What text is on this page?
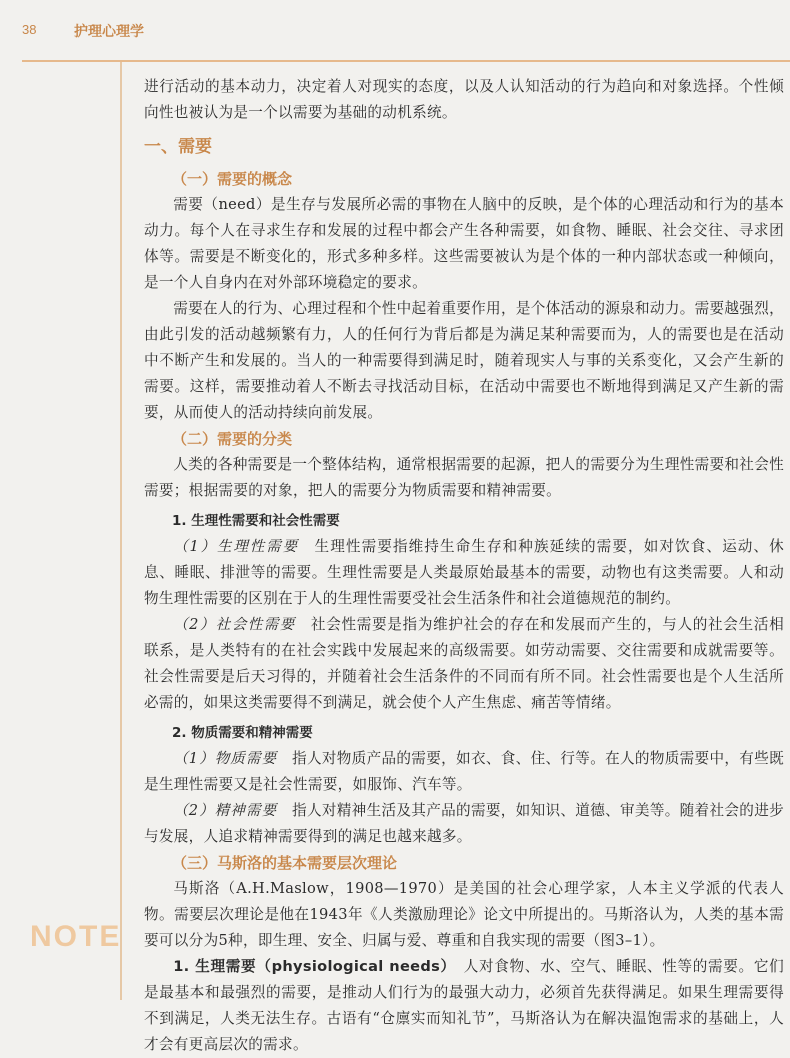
38	护理心理学

进行活动的基本动力，决定着人对现实的态度，以及人认知活动的行为趋向和对象选择。个性倾向性也被认为是一个以需要为基础的动机系统。

一、需要
（一）需要的概念

需要（need）是生存与发展所必需的事物在人脑中的反映，是个体的心理活动和行为的基本动力。每个人在寻求生存和发展的过程中都会产生各种需要，如食物、睡眠、社会交往、寻求团体等。需要是不断变化的，形式多种多样。这些需要被认为是个体的一种内部状态或一种倾向，是一个人自身内在对外部环境稳定的要求。

需要在人的行为、心理过程和个性中起着重要作用，是个体活动的源泉和动力。需要越强烈，由此引发的活动越频繁有力，人的任何行为背后都是为满足某种需要而为，人的需要也是在活动中不断产生和发展的。当人的一种需要得到满足时，随着现实人与事的关系变化，又会产生新的需要。这样，需要推动着人不断去寻找活动目标，在活动中需要也不断地得到满足又产生新的需要，从而使人的活动持续向前发展。

（二）需要的分类

人类的各种需要是一个整体结构，通常根据需要的起源，把人的需要分为生理性需要和社会性需要；根据需要的对象，把人的需要分为物质需要和精神需要。

1. 生理性需要和社会性需要

（1）生理性需要　生理性需要指维持生命生存和种族延续的需要，如对饮食、运动、休息、睡眠、排泄等的需要。生理性需要是人类最原始最基本的需要，动物也有这类需要。人和动物生理性需要的区别在于人的生理性需要受社会生活条件和社会道德规范的制约。

（2）社会性需要　社会性需要是指为维护社会的存在和发展而产生的，与人的社会生活相联系，是人类特有的在社会实践中发展起来的高级需要。如劳动需要、交往需要和成就需要等。社会性需要是后天习得的，并随着社会生活条件的不同而有所不同。社会性需要也是个人生活所必需的，如果这类需要得不到满足，就会使个人产生焦虑、痛苦等情绪。

2. 物质需要和精神需要

（1）物质需要　指人对物质产品的需要，如衣、食、住、行等。在人的物质需要中，有些既是生理性需要又是社会性需要，如服饰、汽车等。

（2）精神需要　指人对精神生活及其产品的需要，如知识、道德、审美等。随着社会的进步与发展，人追求精神需要得到的满足也越来越多。

（三）马斯洛的基本需要层次理论

马斯洛（A.H.Maslow，1908—1970）是美国的社会心理学家，人本主义学派的代表人物。需要层次理论是他在1943年《人类激励理论》论文中所提出的。马斯洛认为，人类的基本需要可以分为5种，即生理、安全、归属与爱、尊重和自我实现的需要（图3–1）。

1. 生理需要（physiological needs）　人对食物、水、空气、睡眠、性等的需要。它们是最基本和最强烈的需要，是推动人们行为的最强大动力，必须首先获得满足。如果生理需要得不到满足，人类无法生存。古语有“仓廪实而知礼节”，马斯洛认为在解决温饱需求的基础上，人才会有更高层次的需求。

NOTE
